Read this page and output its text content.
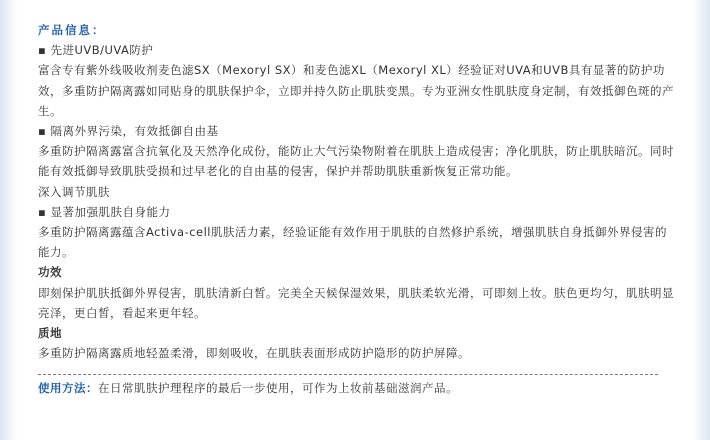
产品信息：
▪ 先进UVB/UVA防护

富含专有紫外线吸收剂麦色滤SX（Mexoryl SX）和麦色滤XL（Mexoryl XL）经验证对UVA和UVB具有显著的防护功效，多重防护隔离露如同贴身的肌肤保护伞，立即并持久防止肌肤变黑。专为亚洲女性肌肤度身定制，有效抵御色斑的产生。

▪ 隔离外界污染，有效抵御自由基

多重防护隔离露富含抗氧化及天然净化成份，能防止大气污染物附着在肌肤上造成侵害；净化肌肤，防止肌肤暗沉。同时能有效抵御导致肌肤受损和过早老化的自由基的侵害，保护并帮助肌肤重新恢复正常功能。

深入调节肌肤
▪ 显著加强肌肤自身能力

多重防护隔离露蕴含Activa-cell肌肤活力素，经验证能有效作用于肌肤的自然修护系统，增强肌肤自身抵御外界侵害的能力。

功效

即刻保护肌肤抵御外界侵害，肌肤清新白皙。完美全天候保湿效果，肌肤柔软光滑，可即刻上妆。肤色更均匀，肌肤明显亮泽，更白皙，看起来更年轻。

质地

多重防护隔离露质地轻盈柔滑，即刻吸收，在肌肤表面形成防护隐形的防护屏障。

使用方法：在日常肌肤护理程序的最后一步使用，可作为上妆前基础滋润产品。
